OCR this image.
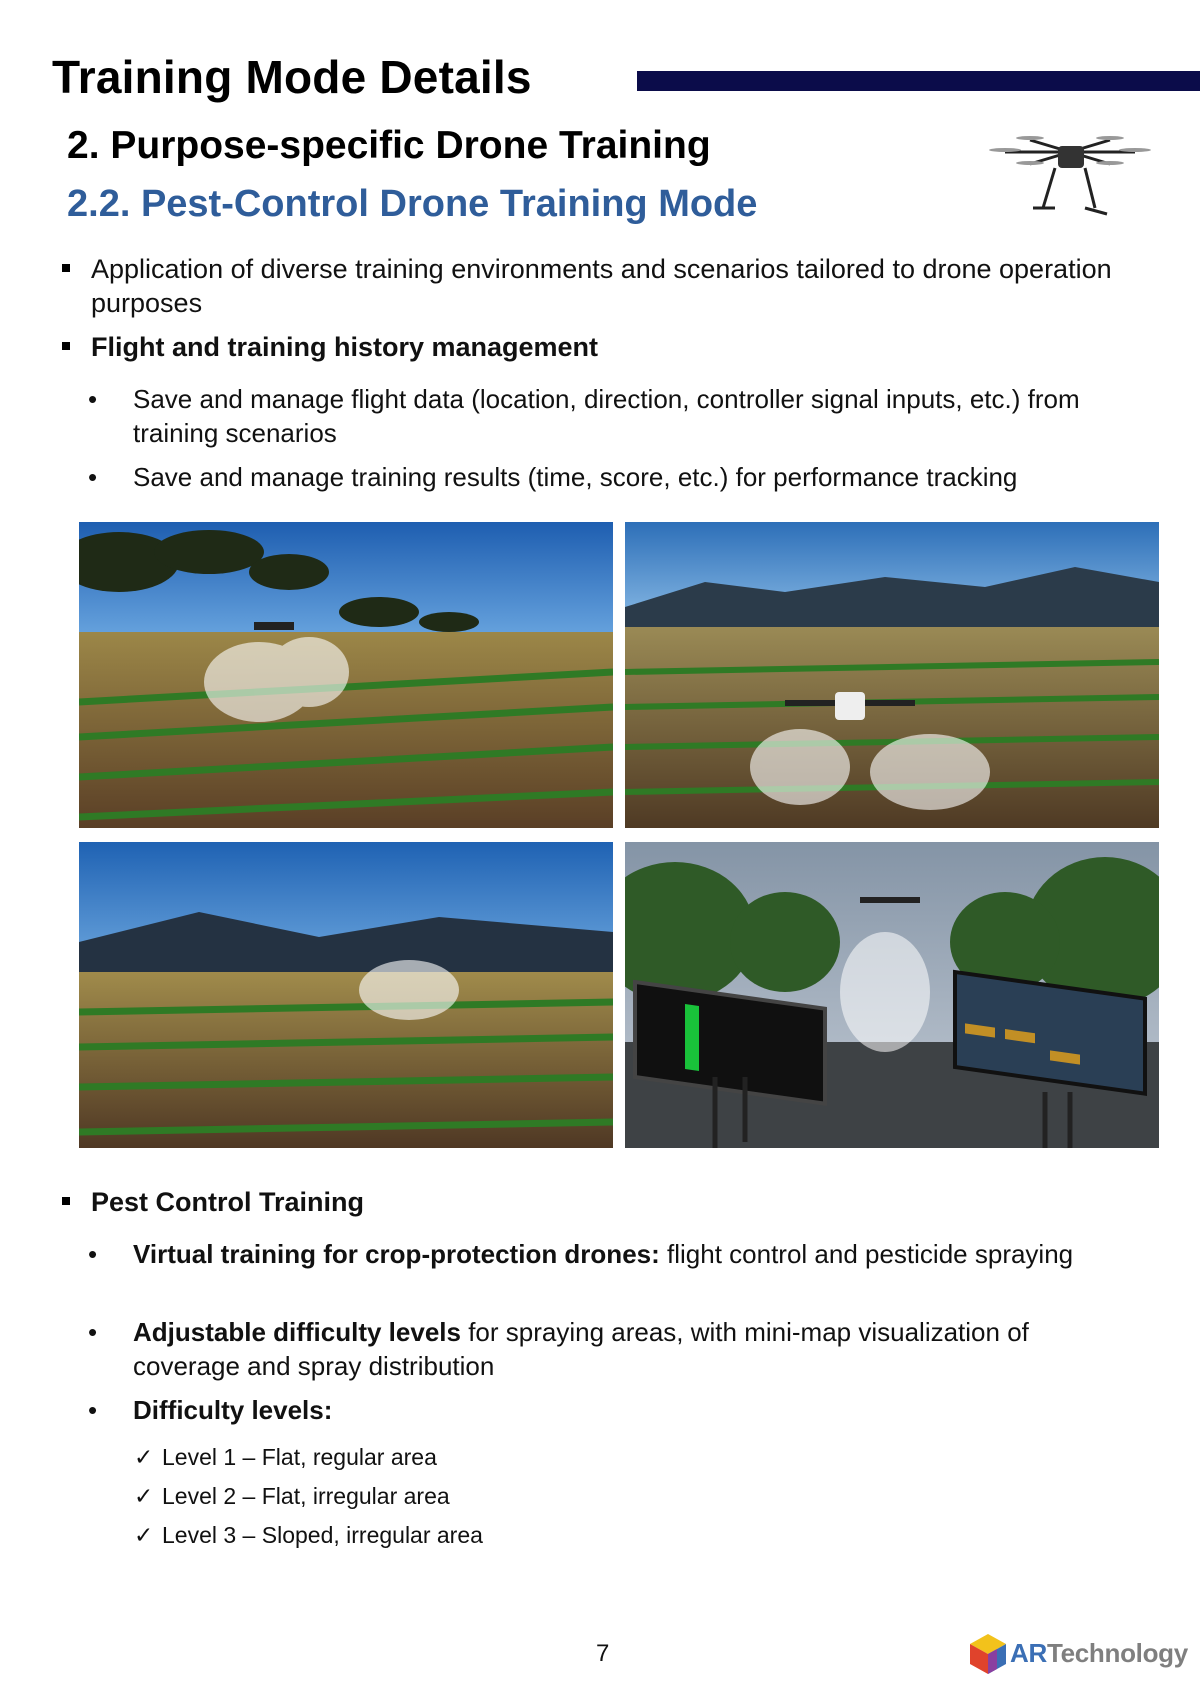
Training Mode Details
2. Purpose-specific Drone Training
2.2. Pest-Control Drone Training Mode
Application of diverse training environments and scenarios tailored to drone operation purposes
Flight and training history management
• Save and manage flight data (location, direction, controller signal inputs, etc.) from training scenarios
• Save and manage training results (time, score, etc.) for performance tracking
Pest Control Training
• Virtual training for crop-protection drones: flight control and pesticide spraying
• Adjustable difficulty levels for spraying areas, with mini-map visualization of coverage and spray distribution
• Difficulty levels:
✓ Level 1 – Flat, regular area
✓ Level 2 – Flat, irregular area
✓ Level 3 – Sloped, irregular area
7	ARTechnology
